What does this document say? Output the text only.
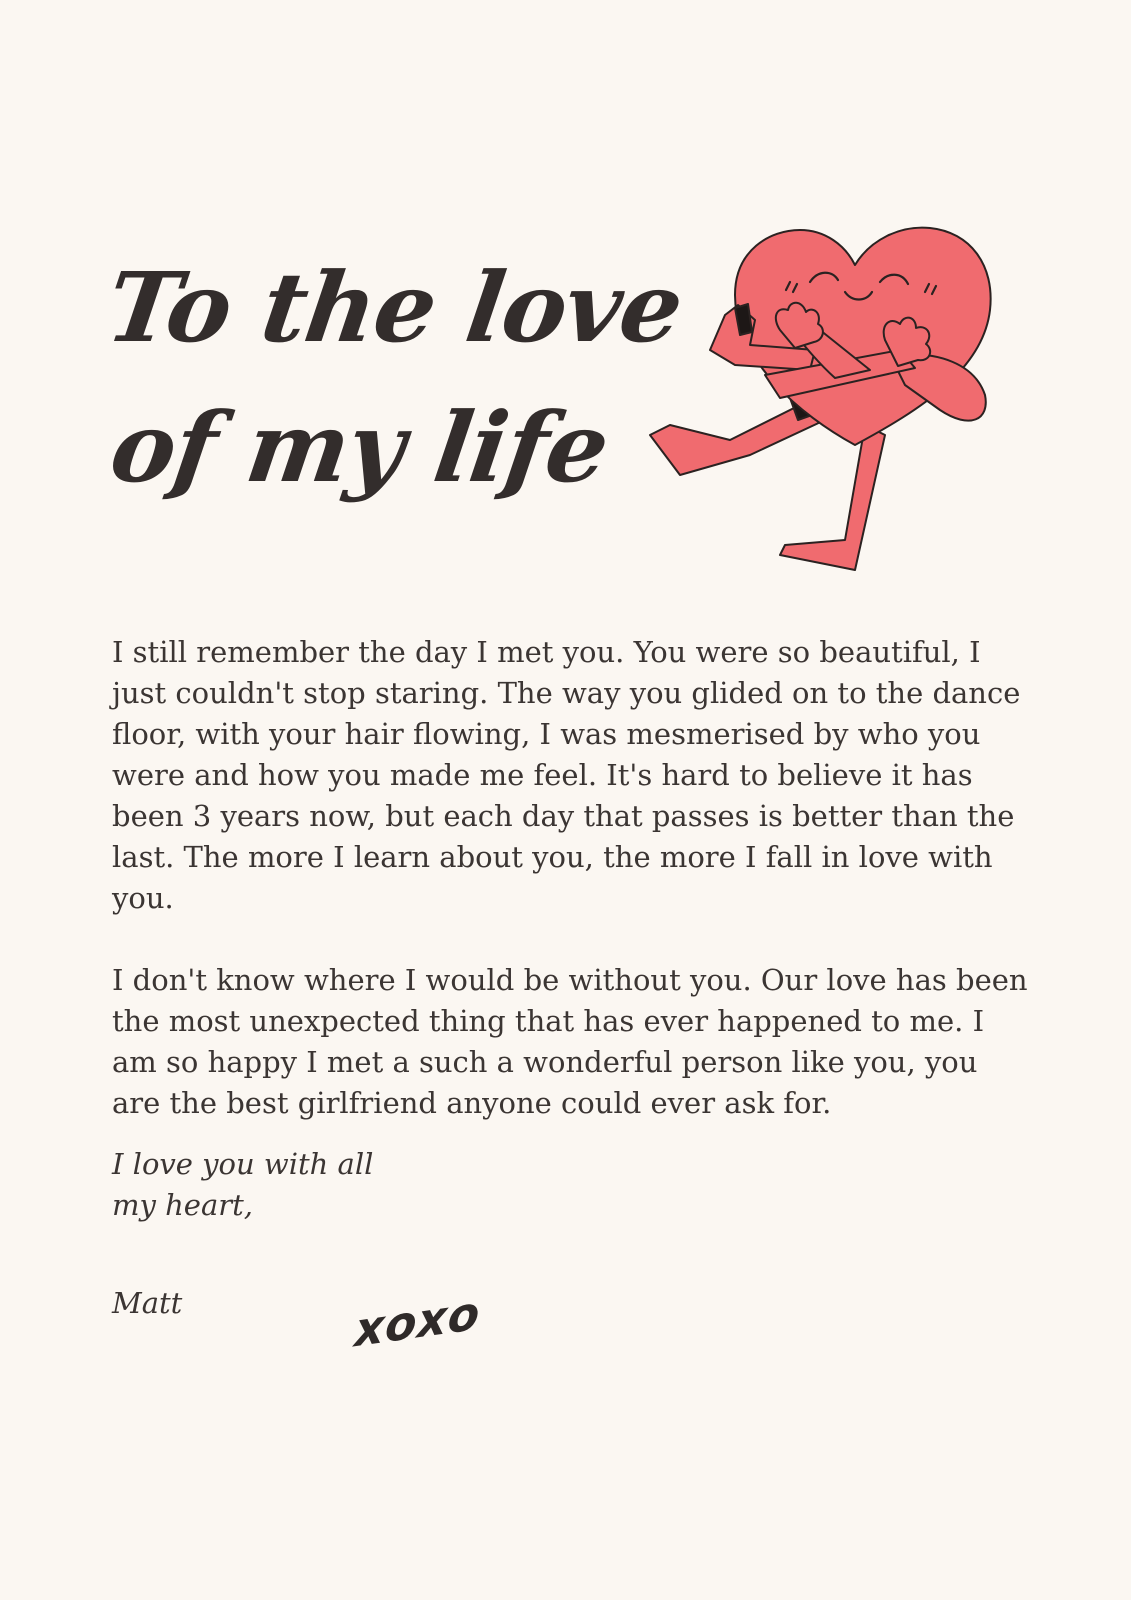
To the love
of my life

I still remember the day I met you. You were so beautiful, I just couldn't stop staring. The way you glided on to the dance floor, with your hair flowing, I was mesmerised by who you were and how you made me feel. It's hard to believe it has been 3 years now, but each day that passes is better than the last. The more I learn about you, the more I fall in love with you.

I don't know where I would be without you. Our love has been the most unexpected thing that has ever happened to me. I am so happy I met a such a wonderful person like you, you are the best girlfriend anyone could ever ask for.

I love you with all

my heart,

Matt	xoxo
